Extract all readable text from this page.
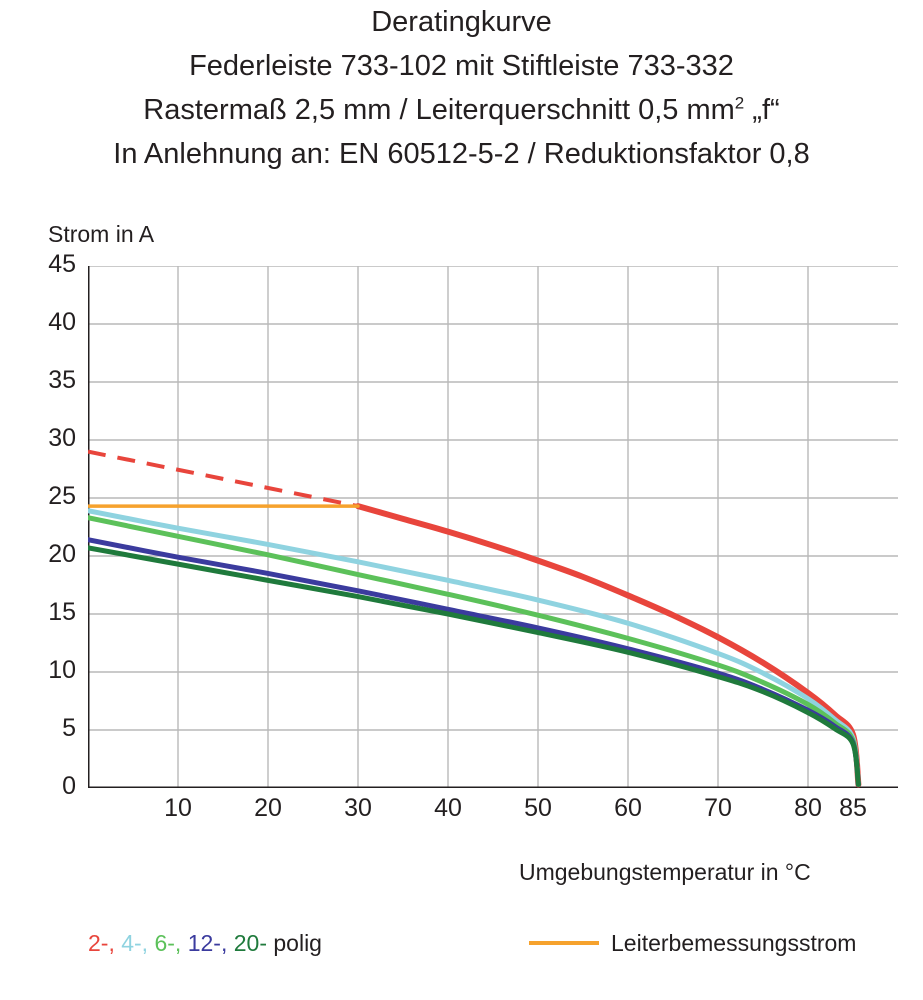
Deratingkurve
Federleiste 733-102 mit Stiftleiste 733-332
Rastermaß 2,5 mm / Leiterquerschnitt 0,5 $mm^2$ „f“
In Anlehnung an: EN 60512-5-2 / Reduktionsfaktor 0,8
Strom in A
Umgebungstemperatur in °C
0
5
10
15
20
25
30
35
40
45
10	20	30	40	50	60	70	80 85
2-, 4-, 6-, 12-, 20- polig	Leiterbemessungsstrom
